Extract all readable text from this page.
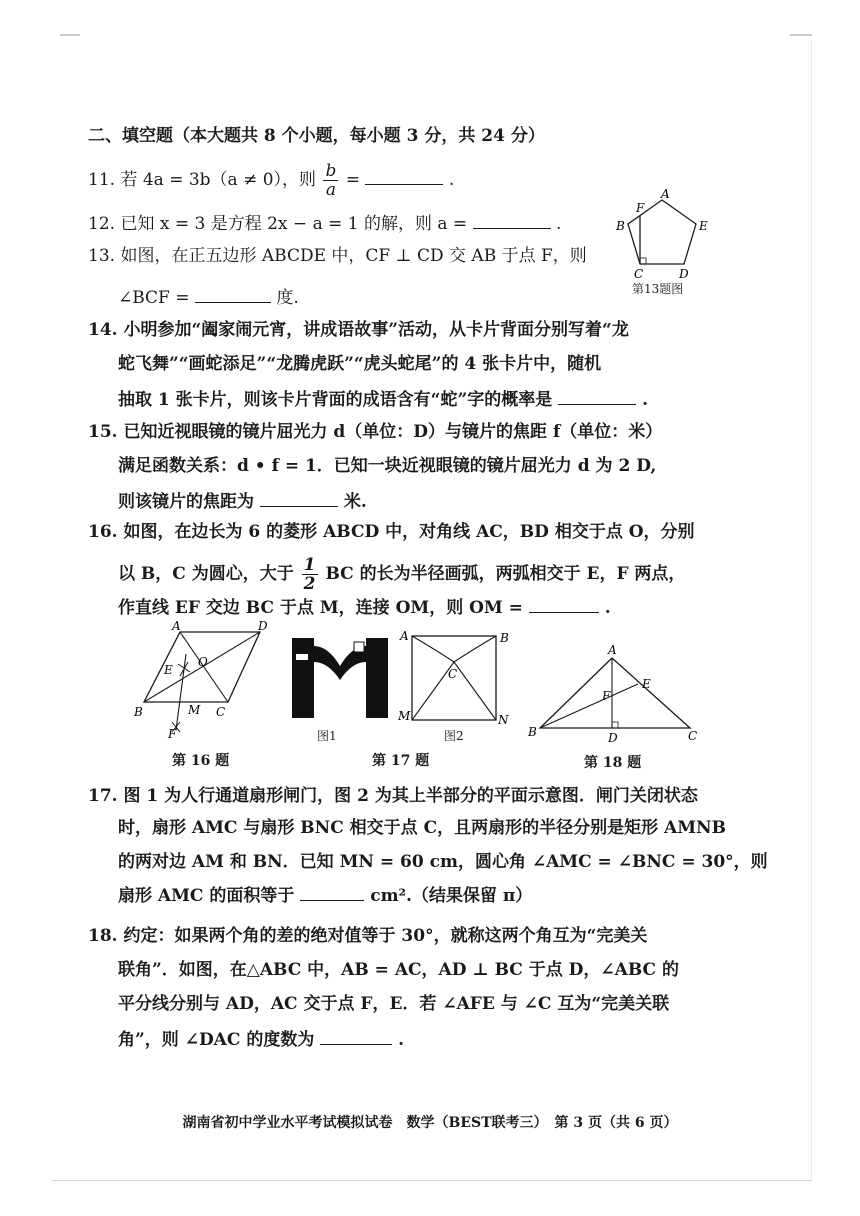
二、填空题（本大题共 8 个小题，每小题 3 分，共 24 分）
11. 若 4a = 3b（a ≠ 0），则 $\frac{b}{a}$ =	.
12. 已知 x = 3 是方程 2x − a = 1 的解，则 a =	.
13. 如图，在正五边形 ABCDE 中，CF ⊥ CD 交 AB 于点 F，则
∠BCF =	度.
A
F
B	E
C	D
第13题图
14. 小明参加“阖家闹元宵，讲成语故事”活动，从卡片背面分别写着“龙
蛇飞舞”“画蛇添足”“龙腾虎跃”“虎头蛇尾”的 4 张卡片中，随机
抽取 1 张卡片，则该卡片背面的成语含有“蛇”字的概率是	.
15. 已知近视眼镜的镜片屈光力 d（单位：D）与镜片的焦距 f（单位：米）
满足函数关系：d • f = 1．已知一块近视眼镜的镜片屈光力 d 为 2 D,
则该镜片的焦距为	米.
16. 如图，在边长为 6 的菱形 ABCD 中，对角线 AC，BD 相交于点 O，分别
以 B，C 为圆心，大于 $\frac{1}{2}$ BC 的长为半径画弧，两弧相交于 E，F 两点，
作直线 EF 交边 BC 于点 M，连接 OM，则 OM =	.
A	D
E
O
B	M C
F
第 16 题
图1
A	B
C
M	N
图2
第 17 题
A
E
F
B	D	C
第 18 题
17. 图 1 为人行通道扇形闸门，图 2 为其上半部分的平面示意图．闸门关闭状态
时，扇形 AMC 与扇形 BNC 相交于点 C，且两扇形的半径分别是矩形 AMNB
的两对边 AM 和 BN．已知 MN = 60 cm，圆心角 ∠AMC = ∠BNC = 30°，则
扇形 AMC 的面积等于	cm².（结果保留 π）
18. 约定：如果两个角的差的绝对值等于 30°，就称这两个角互为“完美关
联角”．如图，在△ABC 中，AB = AC，AD ⊥ BC 于点 D，∠ABC 的
平分线分别与 AD，AC 交于点 F，E．若 ∠AFE 与 ∠C 互为“完美关联
角”，则 ∠DAC 的度数为	.
湖南省初中学业水平考试模拟试卷　数学（BEST联考三）　第 3 页（共 6 页）
